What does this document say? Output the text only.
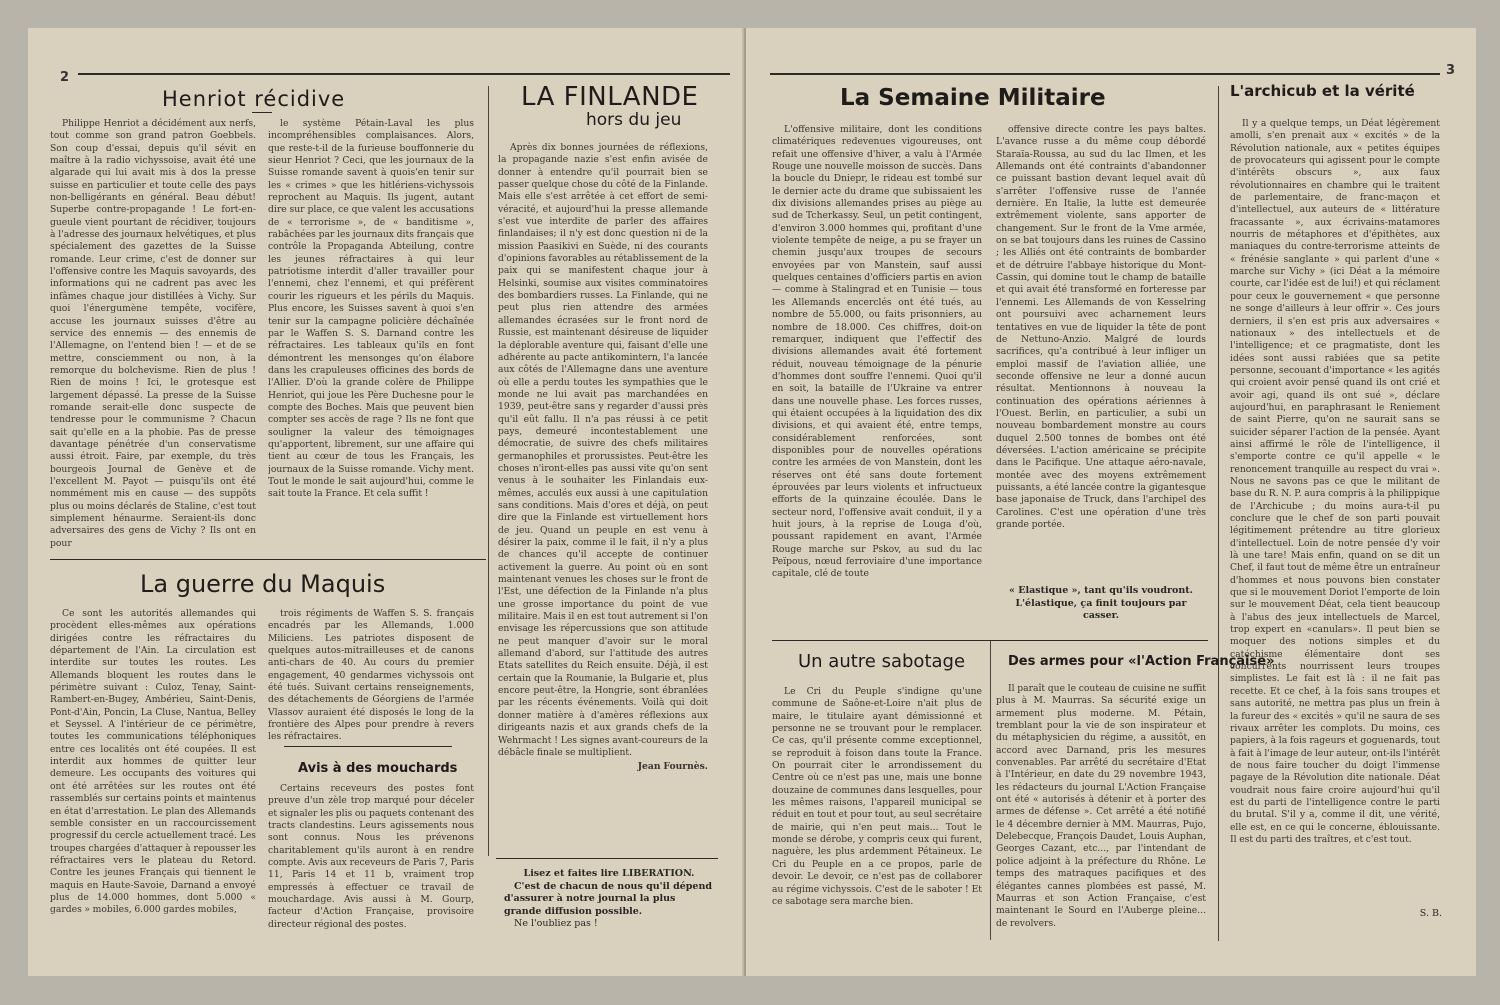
2
Henriot récidive

Philippe Henriot a décidément aux nerfs, tout comme son grand patron Goebbels. Son coup d'essai, depuis qu'il sévit en maître à la radio vichyssoise, avait été une algarade qui lui avait mis à dos la presse suisse en particulier et toute celle des pays non-belligérants en général. Beau début! Superbe contre-propagande ! Le fort-en-gueule vient pourtant de récidiver, toujours à l'adresse des journaux helvétiques, et plus spécialement des gazettes de la Suisse romande. Leur crime, c'est de donner sur l'offensive contre les Maquis savoyards, des informations qui ne cadrent pas avec les infâmes chaque jour distillées à Vichy. Sur quoi l'énergumène tempête, vocifère, accuse les journaux suisses d'être au service des ennemis — des ennemis de l'Allemagne, on l'entend bien ! — et de se mettre, consciemment ou non, à la remorque du bolchevisme. Rien de plus ! Rien de moins ! Ici, le grotesque est largement dépassé. La presse de la Suisse romande serait-elle donc suspecte de tendresse pour le communisme ? Chacun sait qu'elle en a la phobie. Pas de presse davantage pénétrée d'un conservatisme aussi étroit. Faire, par exemple, du très bourgeois Journal de Genève et de l'excellent M. Payot — puisqu'ils ont été nommément mis en cause — des suppôts plus ou moins déclarés de Staline, c'est tout simplement hénaurme. Seraient-ils donc adversaires des gens de Vichy ? Ils ont en pour

le système Pétain-Laval les plus incompréhensibles complaisances. Alors, que reste-t-il de la furieuse bouffonnerie du sieur Henriot ? Ceci, que les journaux de la Suisse romande savent à quois'en tenir sur les « crimes » que les hitlériens-vichyssois reprochent au Maquis. Ils jugent, autant dire sur place, ce que valent les accusations de « terrorisme », de « banditisme », rabâchées par les journaux dits français que contrôle la Propaganda Abteilung, contre les jeunes réfractaires à qui leur patriotisme interdit d'aller travailler pour l'ennemi, chez l'ennemi, et qui préfèrent courir les rigueurs et les périls du Maquis. Plus encore, les Suisses savent à quoi s'en tenir sur la campagne policière déchaînée par le Waffen S. S. Darnand contre les réfractaires. Les tableaux qu'ils en font démontrent les mensonges qu'on élabore dans les crapuleuses officines des bords de l'Allier. D'où la grande colère de Philippe Henriot, qui joue les Père Duchesne pour le compte des Boches. Mais que peuvent bien compter ses accès de rage ? Ils ne font que souligner la valeur des témoignages qu'apportent, librement, sur une affaire qui tient au cœur de tous les Français, les journaux de la Suisse romande. Vichy ment. Tout le monde le sait aujourd'hui, comme le sait toute la France. Et cela suffit !

LA FINLANDE
hors du jeu

Après dix bonnes journées de réflexions, la propagande nazie s'est enfin avisée de donner à entendre qu'il pourrait bien se passer quelque chose du côté de la Finlande. Mais elle s'est arrêtée à cet effort de semi-véracité, et aujourd'hui la presse allemande s'est vue interdite de parler des affaires finlandaises; il n'y est donc question ni de la mission Paasikivi en Suède, ni des courants d'opinions favorables au rétablissement de la paix qui se manifestent chaque jour à Helsinki, soumise aux visites comminatoires des bombardiers russes. La Finlande, qui ne peut plus rien attendre des armées allemandes écrasées sur le front nord de Russie, est maintenant désireuse de liquider la déplorable aventure qui, faisant d'elle une adhérente au pacte antikomintern, l'a lancée aux côtés de l'Allemagne dans une aventure où elle a perdu toutes les sympathies que le monde ne lui avait pas marchandées en 1939, peut-être sans y regarder d'aussi près qu'il eût fallu. Il n'a pas réussi à ce petit pays, demeuré incontestablement une démocratie, de suivre des chefs militaires germanophiles et prorussistes. Peut-être les choses n'iront-elles pas aussi vite qu'on sent venus à le souhaiter les Finlandais eux-mêmes, acculés eux aussi à une capitulation sans conditions. Mais d'ores et déjà, on peut dire que la Finlande est virtuellement hors de jeu. Quand un peuple en est venu à désirer la paix, comme il le fait, il n'y a plus de chances qu'il accepte de continuer activement la guerre. Au point où en sont maintenant venues les choses sur le front de l'Est, une défection de la Finlande n'a plus une grosse importance du point de vue militaire. Mais il en est tout autrement si l'on envisage les répercussions que son attitude ne peut manquer d'avoir sur le moral allemand d'abord, sur l'attitude des autres Etats satellites du Reich ensuite. Déjà, il est certain que la Roumanie, la Bulgarie et, plus encore peut-être, la Hongrie, sont ébranlées par les récents événements. Voilà qui doit donner matière à d'amères réflexions aux dirigeants nazis et aux grands chefs de la Wehrmacht ! Les signes avant-coureurs de la débâcle finale se multiplient.

Jean Fournès.

La guerre du Maquis

Ce sont les autorités allemandes qui procèdent elles-mêmes aux opérations dirigées contre les réfractaires du département de l'Ain. La circulation est interdite sur toutes les routes. Les Allemands bloquent les routes dans le périmètre suivant : Culoz, Tenay, Saint-Rambert-en-Bugey, Ambérieu, Saint-Denis, Pont-d'Ain, Poncin, La Cluse, Nantua, Belley et Seyssel. A l'intérieur de ce périmètre, toutes les communications téléphoniques entre ces localités ont été coupées. Il est interdit aux hommes de quitter leur demeure. Les occupants des voitures qui ont été arrêtées sur les routes ont été rassemblés sur certains points et maintenus en état d'arrestation. Le plan des Allemands semble consister en un raccourcissement progressif du cercle actuellement tracé. Les troupes chargées d'attaquer à repousser les réfractaires vers le plateau du Retord. Contre les jeunes Français qui tiennent le maquis en Haute-Savoie, Darnand a envoyé plus de 14.000 hommes, dont 5.000 « gardes » mobiles, 6.000 gardes mobiles,

trois régiments de Waffen S. S. français encadrés par les Allemands, 1.000 Miliciens. Les patriotes disposent de quelques autos-mitrailleuses et de canons anti-chars de 40. Au cours du premier engagement, 40 gendarmes vichyssois ont été tués. Suivant certains renseignements, des détachements de Géorgiens de l'armée Vlassov auraient été disposés le long de la frontière des Alpes pour prendre à revers les réfractaires.

Avis à des mouchards

Certains receveurs des postes font preuve d'un zèle trop marqué pour déceler et signaler les plis ou paquets contenant des tracts clandestins. Leurs agissements nous sont connus. Nous les prévenons charitablement qu'ils auront à en rendre compte. Avis aux receveurs de Paris 7, Paris 11, Paris 14 et 11 b, vraiment trop empressés à effectuer ce travail de mouchardage. Avis aussi à M. Gourp, facteur d'Action Française, provisoire directeur régional des postes.

Lisez et faites lire LIBERATION.
C'est de chacun de nous qu'il dépend d'assurer à notre journal la plus grande diffusion possible.
Ne l'oubliez pas !
3
La Semaine Militaire

L'offensive militaire, dont les conditions climatériques redevenues vigoureuses, ont refait une offensive d'hiver, a valu à l'Armée Rouge une nouvelle moisson de succès. Dans la boucle du Dniepr, le rideau est tombé sur le dernier acte du drame que subissaient les dix divisions allemandes prises au piège au sud de Tcherkassy. Seul, un petit contingent, d'environ 3.000 hommes qui, profitant d'une violente tempête de neige, a pu se frayer un chemin jusqu'aux troupes de secours envoyées par von Manstein, sauf aussi quelques centaines d'officiers partis en avion — comme à Stalingrad et en Tunisie — tous les Allemands encerclés ont été tués, au nombre de 55.000, ou faits prisonniers, au nombre de 18.000. Ces chiffres, doit-on remarquer, indiquent que l'effectif des divisions allemandes avait été fortement réduit, nouveau témoignage de la pénurie d'hommes dont souffre l'ennemi. Quoi qu'il en soit, la bataille de l'Ukraine va entrer dans une nouvelle phase. Les forces russes, qui étaient occupées à la liquidation des dix divisions, et qui avaient été, entre temps, considérablement renforcées, sont disponibles pour de nouvelles opérations contre les armées de von Manstein, dont les réserves ont été sans doute fortement éprouvées par leurs violents et infructueux efforts de la quinzaine écoulée. Dans le secteur nord, l'offensive avait conduit, il y a huit jours, à la reprise de Louga d'où, poussant rapidement en avant, l'Armée Rouge marche sur Pskov, au sud du lac Peïpous, nœud ferroviaire d'une importance capitale, clé de toute

offensive directe contre les pays baltes. L'avance russe a du même coup débordé Staraïa-Roussa, au sud du lac Ilmen, et les Allemands ont été contraints d'abandonner ce puissant bastion devant lequel avait dû s'arrêter l'offensive russe de l'année dernière. En Italie, la lutte est demeurée extrêmement violente, sans apporter de changement. Sur le front de la Vme armée, on se bat toujours dans les ruines de Cassino ; les Alliés ont été contraints de bombarder et de détruire l'abbaye historique du Mont-Cassin, qui domine tout le champ de bataille et qui avait été transformé en forteresse par l'ennemi. Les Allemands de von Kesselring ont poursuivi avec acharnement leurs tentatives en vue de liquider la tête de pont de Nettuno-Anzio. Malgré de lourds sacrifices, qu'a contribué à leur infliger un emploi massif de l'aviation alliée, une seconde offensive ne leur a donné aucun résultat. Mentionnons à nouveau la continuation des opérations aériennes à l'Ouest. Berlin, en particulier, a subi un nouveau bombardement monstre au cours duquel 2.500 tonnes de bombes ont été déversées. L'action américaine se précipite dans le Pacifique. Une attaque aéro-navale, montée avec des moyens extrêmement puissants, a été lancée contre la gigantesque base japonaise de Truck, dans l'archipel des Carolines. C'est une opération d'une très grande portée.

« Elastique », tant qu'ils voudront.
L'élastique, ça finit toujours par casser.
Un autre sabotage

Le Cri du Peuple s'indigne qu'une commune de Saône-et-Loire n'ait plus de maire, le titulaire ayant démissionné et personne ne se trouvant pour le remplacer. Ce cas, qu'il présente comme exceptionnel, se reproduit à foison dans toute la France. On pourrait citer le arrondissement du Centre où ce n'est pas une, mais une bonne douzaine de communes dans lesquelles, pour les mêmes raisons, l'appareil municipal se réduit en tout et pour tout, au seul secrétaire de mairie, qui n'en peut mais... Tout le monde se dérobe, y compris ceux qui furent, naguère, les plus ardemment Pétaineux. Le Cri du Peuple en a ce propos, parle de devoir. Le devoir, ce n'est pas de collaborer au régime vichyssois. C'est de le saboter ! Et ce sabotage sera marche bien.

Des armes pour «l'Action Française»

Il paraît que le couteau de cuisine ne suffit plus à M. Maurras. Sa sécurité exige un armement plus moderne. M. Pétain, tremblant pour la vie de son inspirateur et du métaphysicien du régime, a aussitôt, en accord avec Darnand, pris les mesures convenables. Par arrêté du secrétaire d'Etat à l'Intérieur, en date du 29 novembre 1943, les rédacteurs du journal L'Action Française ont été « autorisés à détenir et à porter des armes de défense ». Cet arrêté a été notifié le 4 décembre dernier à MM. Maurras, Pujo, Delebecque, François Daudet, Louis Auphan, Georges Cazant, etc..., par l'intendant de police adjoint à la préfecture du Rhône. Le temps des matraques pacifiques et des élégantes cannes plombées est passé, M. Maurras et son Action Française, c'est maintenant le Sourd en l'Auberge pleine... de revolvers.

L'archicub et la vérité

Il y a quelque temps, un Déat légèrement amolli, s'en prenait aux « excités » de la Révolution nationale, aux « petites équipes de provocateurs qui agissent pour le compte d'intérêts obscurs », aux faux révolutionnaires en chambre qui le traitent de parlementaire, de franc-maçon et d'intellectuel, aux auteurs de « littérature fracassante », aux écrivains-matamores nourris de métaphores et d'épithètes, aux maniaques du contre-terrorisme atteints de « frénésie sanglante » qui parlent d'une « marche sur Vichy » (ici Déat a la mémoire courte, car l'idée est de lui!) et qui réclament pour ceux le gouvernement « que personne ne songe d'ailleurs à leur offrir ». Ces jours derniers, il s'en est pris aux adversaires « nationaux » des intellectuels et de l'intelligence; et ce pragmatiste, dont les idées sont aussi rabiées que sa petite personne, secouant d'importance « les agités qui croient avoir pensé quand ils ont crié et avoir agi, quand ils ont sué », déclare aujourd'hui, en paraphrasant le Reniement de saint Pierre, qu'on ne saurait sans se suicider séparer l'action de la pensée. Ayant ainsi affirmé le rôle de l'intelligence, il s'emporte contre ce qu'il appelle « le renoncement tranquille au respect du vrai ». Nous ne savons pas ce que le militant de base du R. N. P. aura compris à la philippique de l'Archicube ; du moins aura-t-il pu conclure que le chef de son parti pouvait légitimement prétendre au titre glorieux d'intellectuel. Loin de notre pensée d'y voir là une tare! Mais enfin, quand on se dit un Chef, il faut tout de même être un entraîneur d'hommes et nous pouvons bien constater que si le mouvement Doriot l'emporte de loin sur le mouvement Déat, cela tient beaucoup à l'abus des jeux intellectuels de Marcel, trop expert en «canulars». Il peut bien se moquer des notions simples et du catéchisme élémentaire dont ses concurrents nourrissent leurs troupes simplistes. Le fait est là : il ne fait pas recette. Et ce chef, à la fois sans troupes et sans autorité, ne mettra pas plus un frein à la fureur des « excités » qu'il ne saura de ses rivaux arrêter les complots. Du moins, ces papiers, à la fois rageurs et goguenards, tout à fait à l'image de leur auteur, ont-ils l'intérêt de nous faire toucher du doigt l'immense pagaye de la Révolution dite nationale. Déat voudrait nous faire croire aujourd'hui qu'il est du parti de l'intelligence contre le parti du brutal. S'il y a, comme il dit, une vérité, elle est, en ce qui le concerne, éblouissante. Il est du parti des traîtres, et c'est tout.

S. B.
